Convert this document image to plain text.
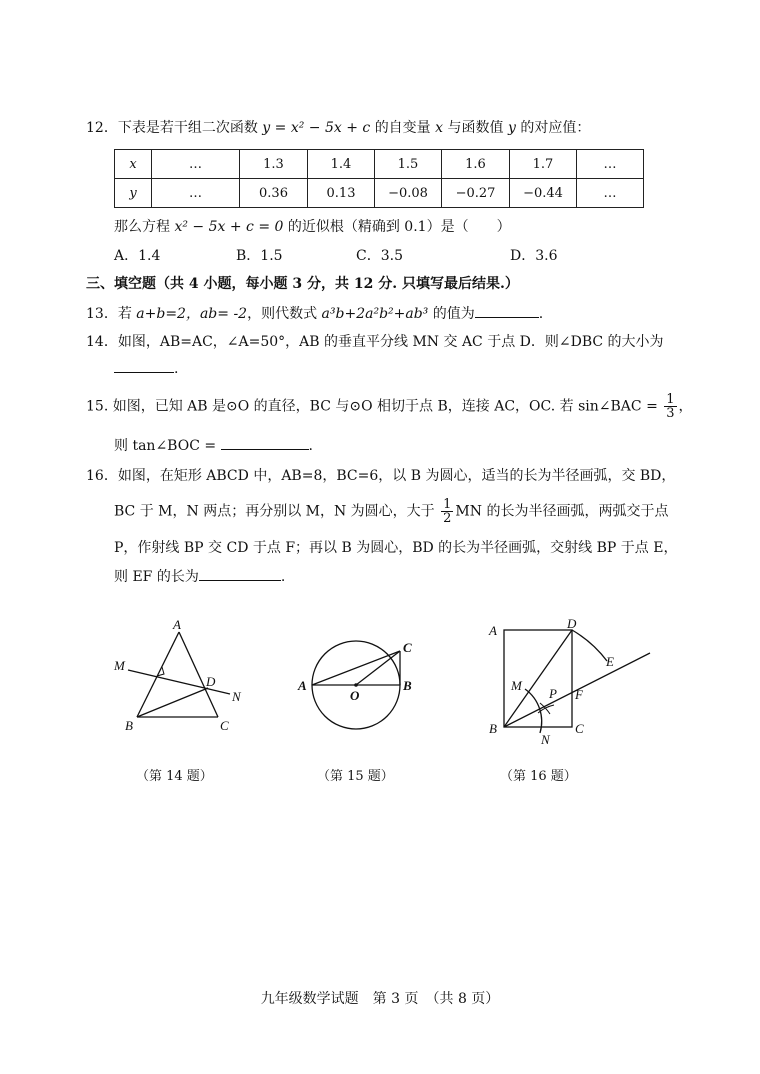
12．下表是若干组二次函数 y = x² − 5x + c 的自变量 x 与函数值 y 的对应值：
x	…	1.3	1.4	1.5	1.6	1.7	…
y	…	0.36	0.13	−0.08	−0.27	−0.44	…
那么方程 x² − 5x + c = 0 的近似根（精确到 0.1）是（　　）
A．1.4	B．1.5	C．3.5	D．3.6
三、填空题（共 4 小题，每小题 3 分，共 12 分. 只填写最后结果.）
13．若 a+b=2，ab= -2，则代数式 a³b+2a²b²+ab³ 的值为	.
14．如图，AB=AC，∠A=50°，AB 的垂直平分线 MN 交 AC 于点 D．则∠DBC 的大小为
.
15. 如图，已知 AB 是⊙O 的直径，BC 与⊙O 相切于点 B，连接 AC，OC. 若 sin∠BAC = $\frac{1}{3}$ ，
则 tan∠BOC =	.
16．如图，在矩形 ABCD 中，AB=8，BC=6，以 B 为圆心，适当的长为半径画弧，交 BD，
BC 于 M，N 两点；再分别以 M，N 为圆心，大于 $\frac{1}{2}$ MN 的长为半径画弧，两弧交于点
P，作射线 BP 交 CD 于点 F；再以 B 为圆心，BD 的长为半径画弧，交射线 BP 于点 E，
则 EF 的长为	.
A
M
D
N
B	C
（第 14 题）
A
O
B
C
（第 15 题）
A	D
E
M
P F
B	C
N
（第 16 题）
九年级数学试题　第 3 页　（共 8 页）
